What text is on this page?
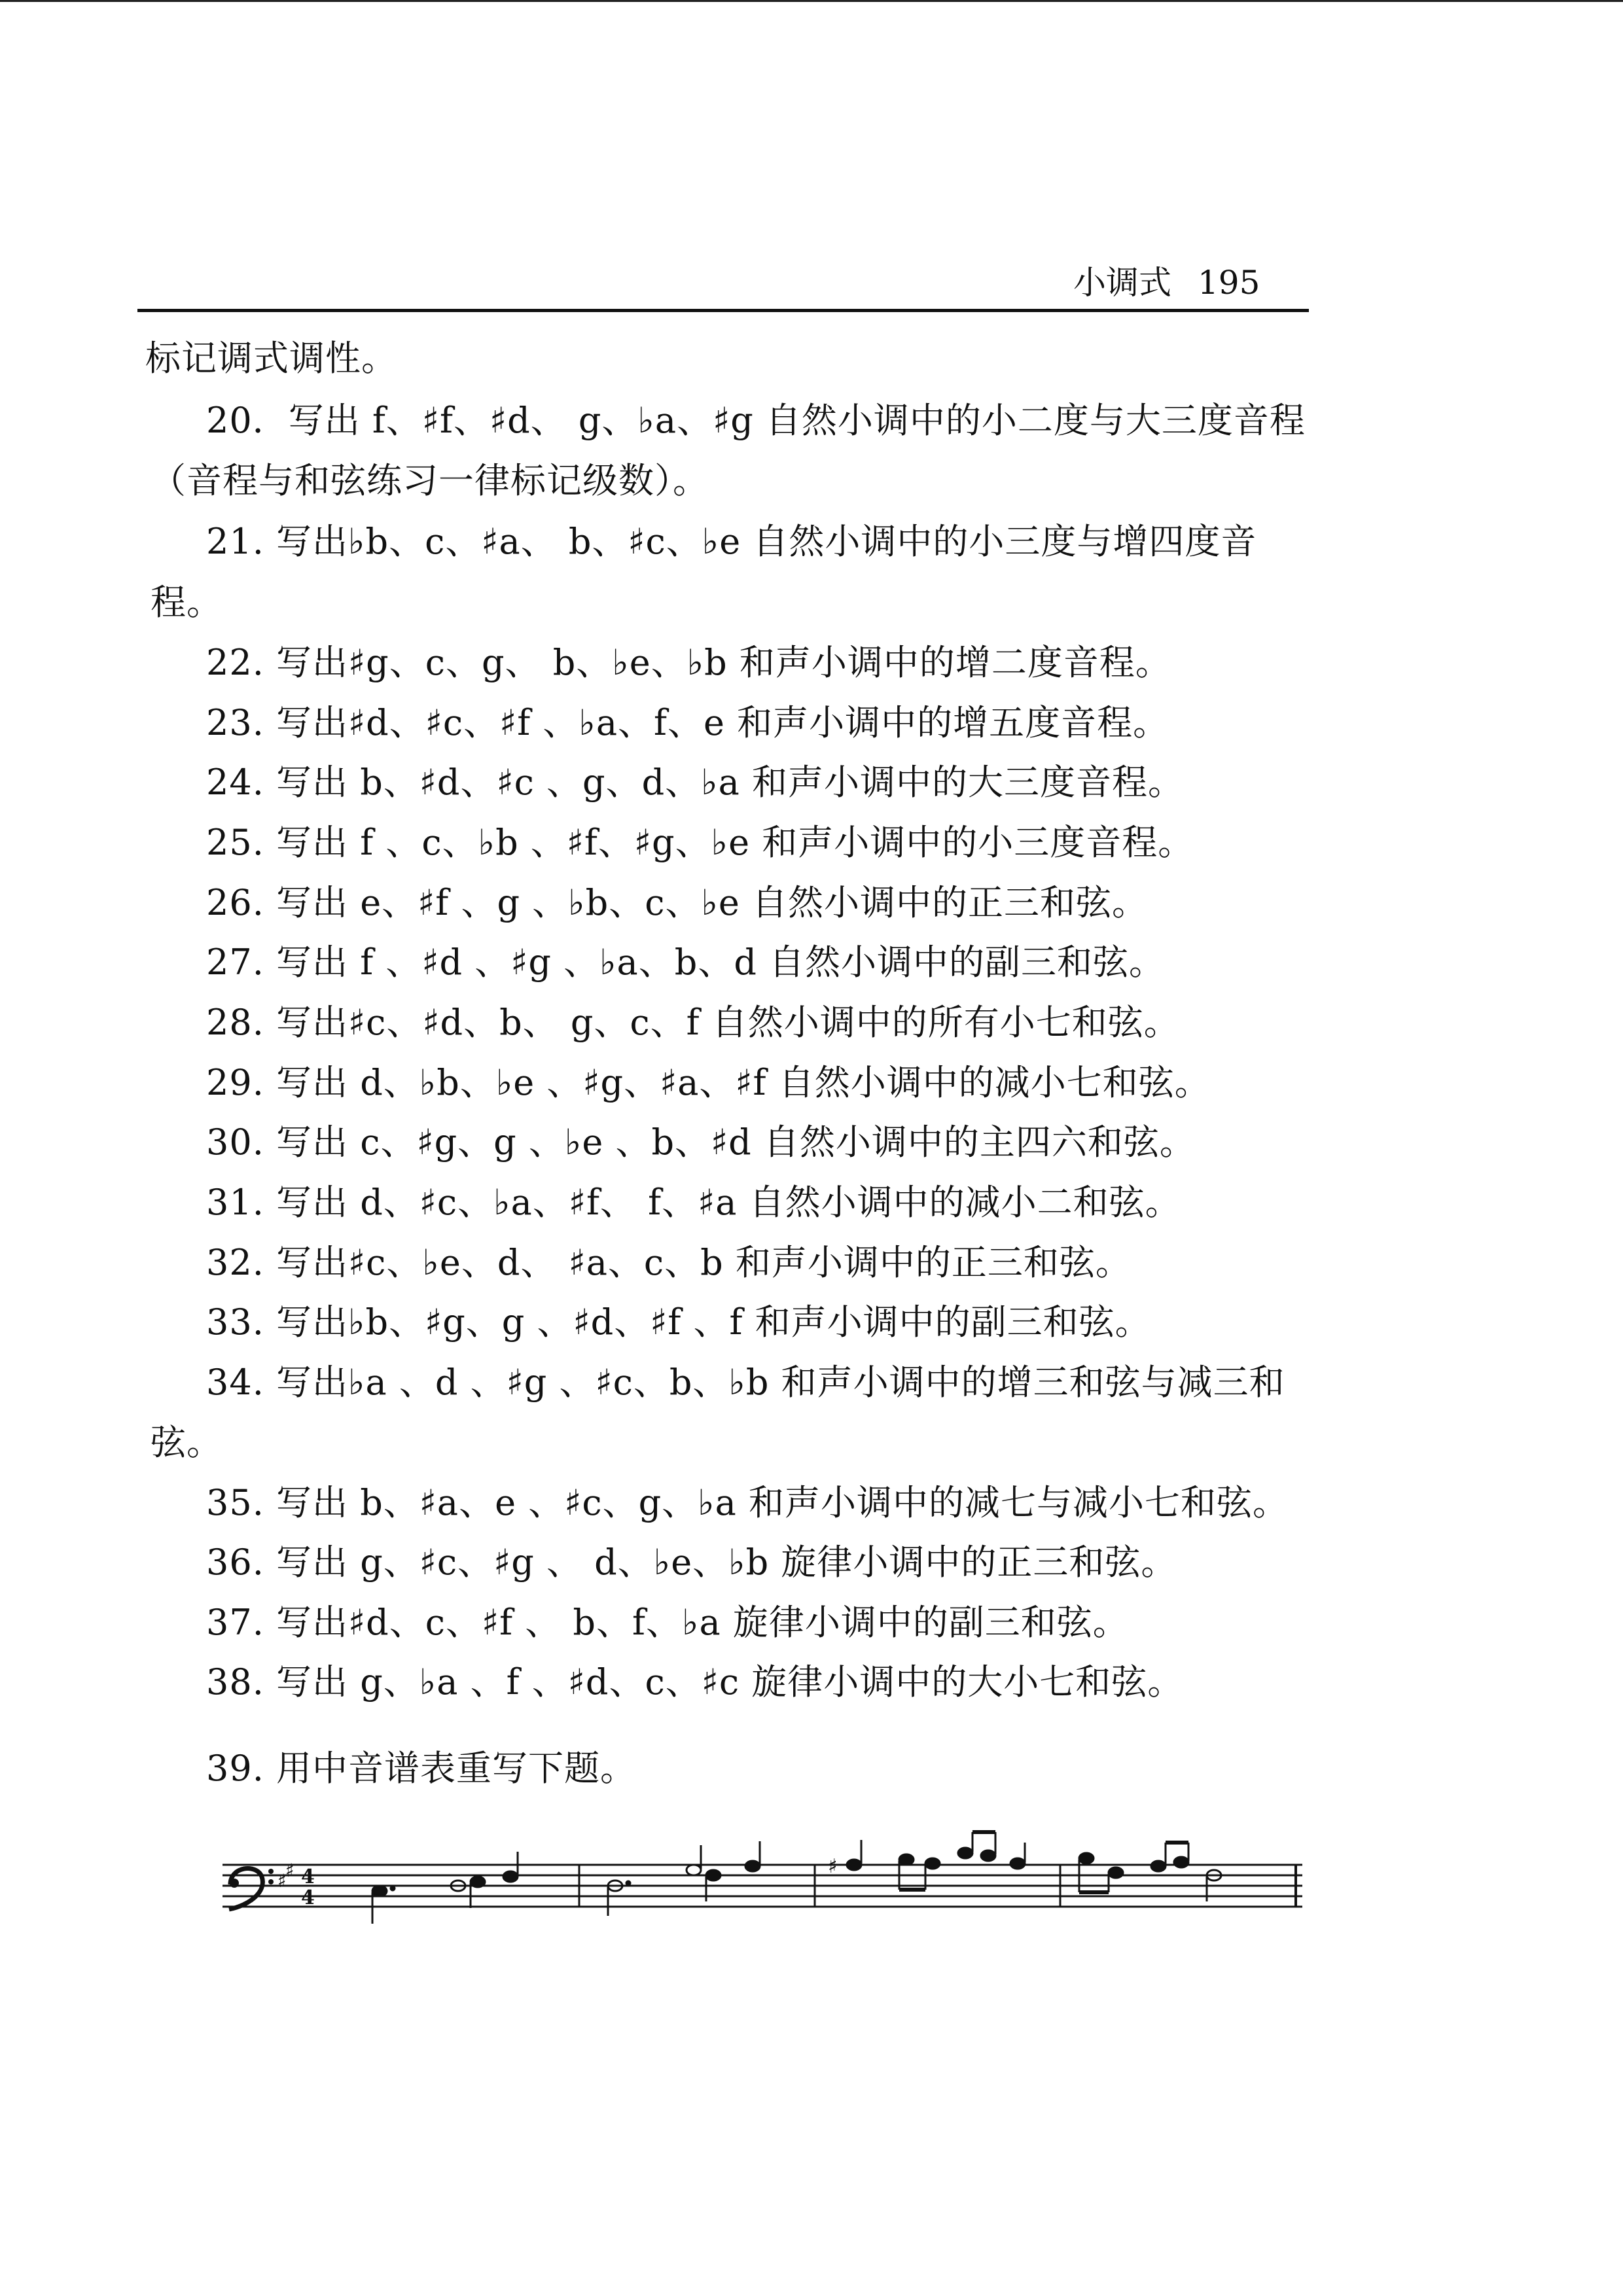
小调式 195
标记调式调性。
20．写出 f、♯f、♯d、 g、♭a、♯g 自然小调中的小二度与大三度音程
（音程与和弦练习一律标记级数）。
21. 写出♭b、c、♯a、 b、♯c、♭e 自然小调中的小三度与增四度音
程。
22. 写出♯g、c、g、 b、♭e、♭b 和声小调中的增二度音程。
23. 写出♯d、♯c、♯f 、♭a、f、e 和声小调中的增五度音程。
24. 写出 b、♯d、♯c 、g、d、♭a 和声小调中的大三度音程。
25. 写出 f 、c、♭b 、♯f、♯g、♭e 和声小调中的小三度音程。
26. 写出 e、♯f 、g 、♭b、c、♭e 自然小调中的正三和弦。
27. 写出 f 、♯d 、♯g 、♭a、b、d 自然小调中的副三和弦。
28. 写出♯c、♯d、b、 g、c、f 自然小调中的所有小七和弦。
29. 写出 d、♭b、♭e 、♯g、♯a、♯f 自然小调中的减小七和弦。
30. 写出 c、♯g、g 、♭e 、b、♯d 自然小调中的主四六和弦。
31. 写出 d、♯c、♭a、♯f、 f、♯a 自然小调中的减小二和弦。
32. 写出♯c、♭e、d、 ♯a、c、b 和声小调中的正三和弦。
33. 写出♭b、♯g、g 、♯d、♯f 、f 和声小调中的副三和弦。
34. 写出♭a 、d 、♯g 、♯c、b、♭b 和声小调中的增三和弦与减三和
弦。
35. 写出 b、♯a、e 、♯c、g、♭a 和声小调中的减七与减小七和弦。
36. 写出 g、♯c、♯g 、 d、♭e、♭b 旋律小调中的正三和弦。
37. 写出♯d、c、♯f 、 b、f、♭a 旋律小调中的副三和弦。
38. 写出 g、♭a 、f 、♯d、c、♯c 旋律小调中的大小七和弦。
39. 用中音谱表重写下题。
♯
♯ 4
4
♯
